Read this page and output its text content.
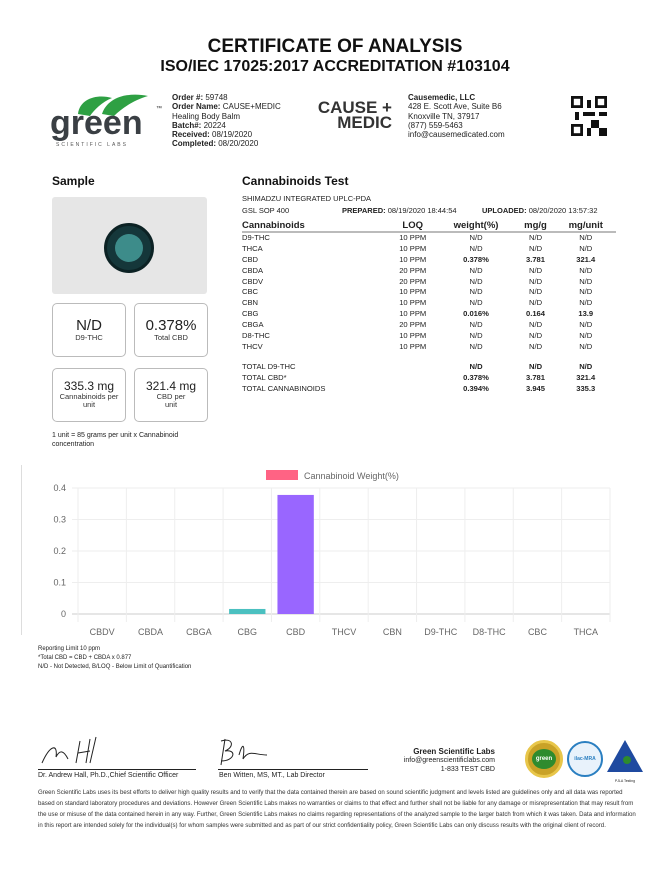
CERTIFICATE OF ANALYSIS
ISO/IEC 17025:2017 ACCREDITATION #103104
green ™
SCIENTIFIC LABS
Order #: 59748
Order Name: CAUSE+MEDIC
Healing Body Balm
Batch#: 20224
Received: 08/19/2020
Completed: 08/20/2020
CAUSE +
MEDIC
Causemedic, LLC
428 E. Scott Ave, Suite B6
Knoxville TN, 37917
(877) 559-5463
info@causemedicated.com
Sample
N/D
D9-THC
0.378%
Total CBD
335.3 mg
Cannabinoids per unit
321.4 mg
CBD per unit
1 unit = 85 grams per unit x Cannabinoid concentration
Cannabinoids Test
SHIMADZU INTEGRATED UPLC-PDA
GSL SOP 400	PREPARED: 08/19/2020 18:44:54	UPLOADED: 08/20/2020 13:57:32
Cannabinoids	LOQ	weight(%)	mg/g	mg/unit
D9-THC	10 PPM	N/D	N/D	N/D
THCA	10 PPM	N/D	N/D	N/D
CBD	10 PPM	0.378%	3.781	321.4
CBDA	20 PPM	N/D	N/D	N/D
CBDV	20 PPM	N/D	N/D	N/D
CBC	10 PPM	N/D	N/D	N/D
CBN	10 PPM	N/D	N/D	N/D
CBG	10 PPM	0.016%	0.164	13.9
CBGA	20 PPM	N/D	N/D	N/D
D8-THC	10 PPM	N/D	N/D	N/D
THCV	10 PPM	N/D	N/D	N/D

TOTAL D9-THC		N/D	N/D	N/D
TOTAL CBD*		0.378%	3.781	321.4
TOTAL CANNABINOIDS		0.394%	3.945	335.3
Cannabinoid Weight(%)
0
0.1
0.2
0.3
0.4
CBDV	CBDA	CBGA	CBG	CBD	THCV	CBN D9-THC D8-THC CBC	THCA
Reporting Limit 10 ppm
*Total CBD = CBD + CBDA x 0.877
N/D - Not Detected, B/LOQ - Below Limit of Quantification
Dr. Andrew Hall, Ph.D.,Chief Scientific Officer	Ben Witten, MS, MT., Lab Director
Green Scientific Labs
info@greenscientificlabs.com
1-833 TEST CBD
green	ilac-MRA
PJLA Testing
Green Scientific Labs uses its best efforts to deliver high quality results and to verify that the data contained therein are based on sound scientific judgment and levels listed are guidelines only and all data was reported based on standard laboratory procedures and deviations. However Green Scientific Labs makes no warranties or claims to that effect and further shall not be liable for any damage or misrepresentation that may result from the use or misuse of the data contained herein in any way. Further, Green Scientific Labs makes no claims regarding representations of the analyzed sample to the larger batch from which it was taken. Data and information in this report are intended solely for the individual(s) for whom samples were submitted and as part of our strict confidentiality policy, Green Scientific Labs can only discuss results with the original client of record.
